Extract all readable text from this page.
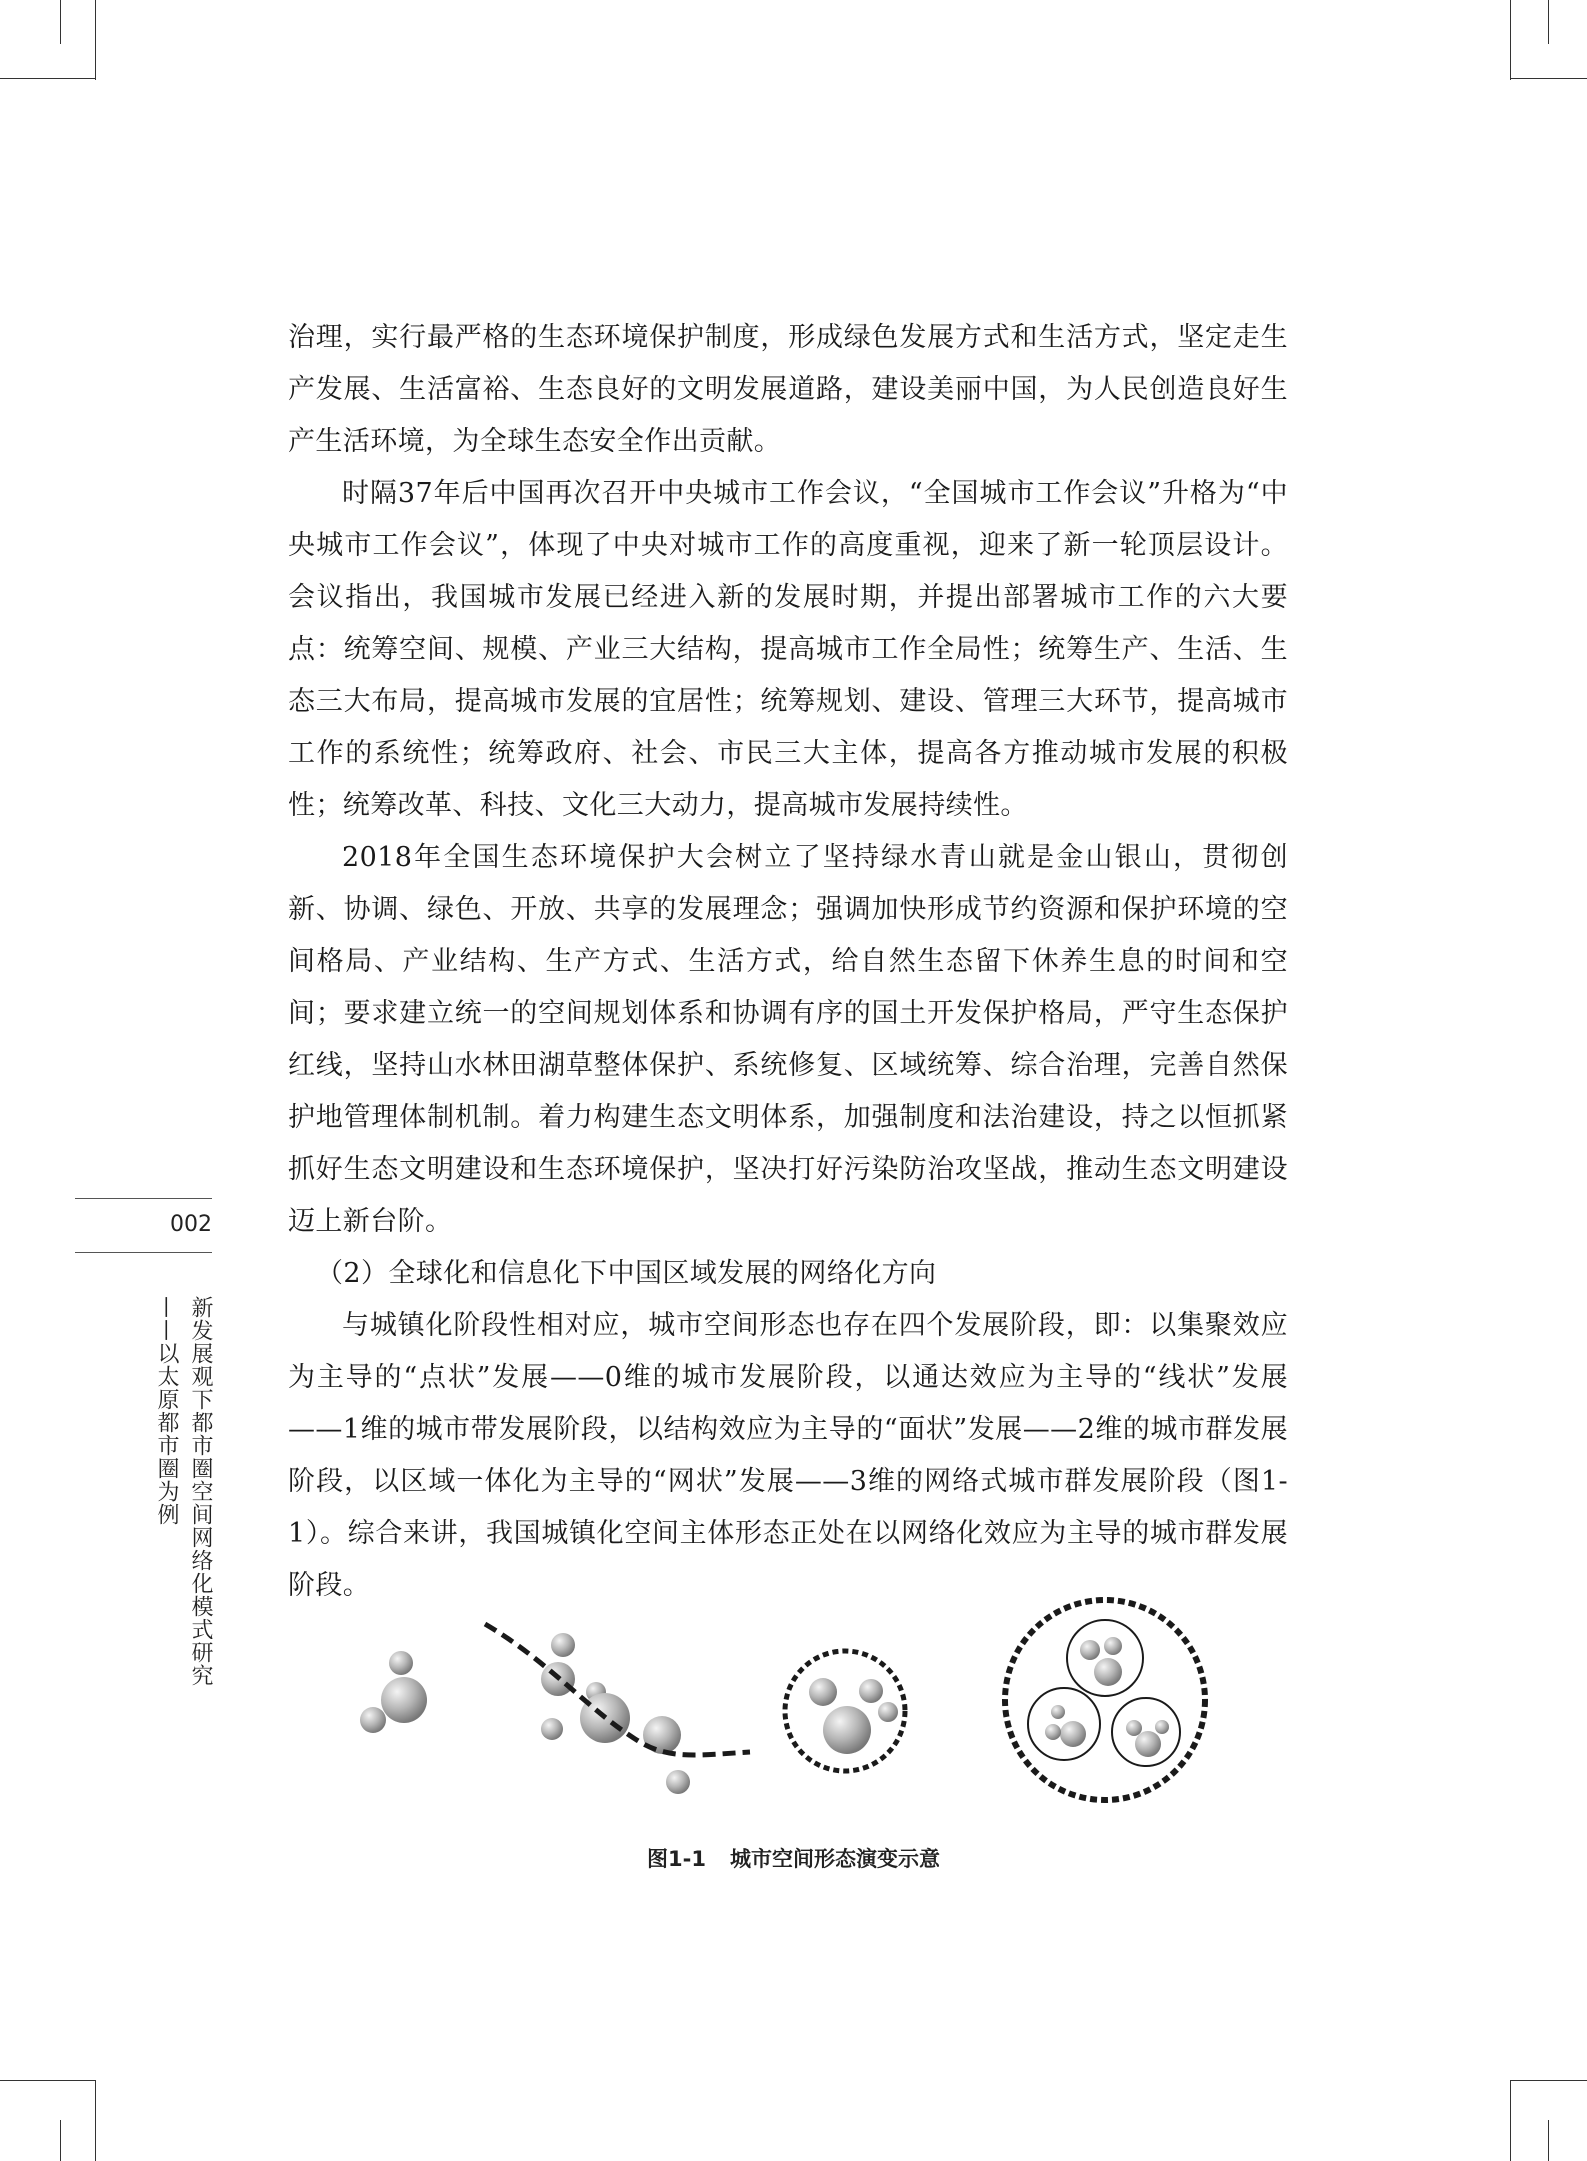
治理，实行最严格的生态环境保护制度，形成绿色发展方式和生活方式，坚定走生产发展、生活富裕、生态良好的文明发展道路，建设美丽中国，为人民创造良好生产生活环境，为全球生态安全作出贡献。

时隔37年后中国再次召开中央城市工作会议，“全国城市工作会议”升格为“中央城市工作会议”，体现了中央对城市工作的高度重视，迎来了新一轮顶层设计。会议指出，我国城市发展已经进入新的发展时期，并提出部署城市工作的六大要点：统筹空间、规模、产业三大结构，提高城市工作全局性；统筹生产、生活、生态三大布局，提高城市发展的宜居性；统筹规划、建设、管理三大环节，提高城市工作的系统性；统筹政府、社会、市民三大主体，提高各方推动城市发展的积极性；统筹改革、科技、文化三大动力，提高城市发展持续性。

2018年全国生态环境保护大会树立了坚持绿水青山就是金山银山，贯彻创新、协调、绿色、开放、共享的发展理念；强调加快形成节约资源和保护环境的空间格局、产业结构、生产方式、生活方式，给自然生态留下休养生息的时间和空间；要求建立统一的空间规划体系和协调有序的国土开发保护格局，严守生态保护红线，坚持山水林田湖草整体保护、系统修复、区域统筹、综合治理，完善自然保护地管理体制机制。着力构建生态文明体系，加强制度和法治建设，持之以恒抓紧抓好生态文明建设和生态环境保护，坚决打好污染防治攻坚战，推动生态文明建设迈上新台阶。

（2）全球化和信息化下中国区域发展的网络化方向

与城镇化阶段性相对应，城市空间形态也存在四个发展阶段，即：以集聚效应为主导的“点状”发展——0维的城市发展阶段，以通达效应为主导的“线状”发展——1维的城市带发展阶段，以结构效应为主导的“面状”发展——2维的城市群发展阶段，以区域一体化为主导的“网状”发展——3维的网络式城市群发展阶段（图1-1）。综合来讲，我国城镇化空间主体形态正处在以网络化效应为主导的城市群发展阶段。

002
新发展观下都市圈空间网络化模式研究
——以太原都市圈为例
图1-1 城市空间形态演变示意
